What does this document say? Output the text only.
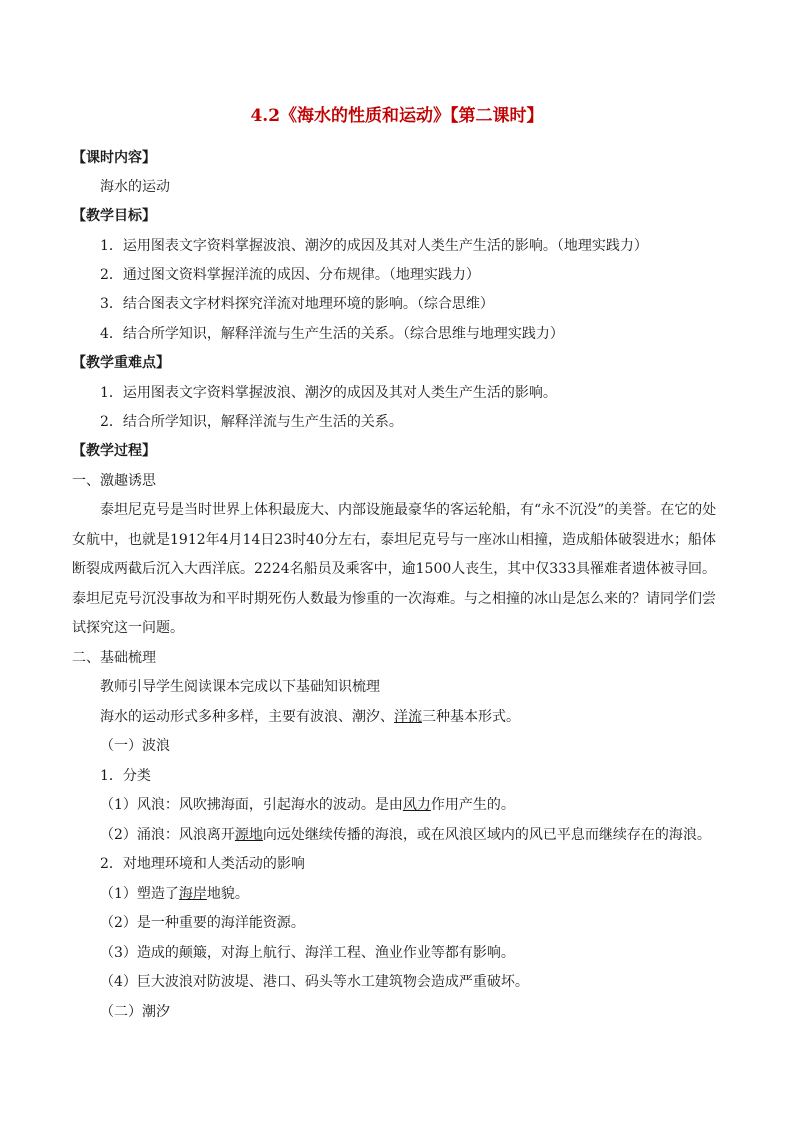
4.2《海水的性质和运动》【第二课时】
【课时内容】
海水的运动
【教学目标】
1．运用图表文字资料掌握波浪、潮汐的成因及其对人类生产生活的影响。（地理实践力）
2．通过图文资料掌握洋流的成因、分布规律。（地理实践力）
3．结合图表文字材料探究洋流对地理环境的影响。（综合思维）
4．结合所学知识，解释洋流与生产生活的关系。（综合思维与地理实践力）
【教学重难点】
1．运用图表文字资料掌握波浪、潮汐的成因及其对人类生产生活的影响。
2．结合所学知识，解释洋流与生产生活的关系。
【教学过程】
一、激趣诱思
泰坦尼克号是当时世界上体积最庞大、内部设施最豪华的客运轮船，有“永不沉没”的美誉。在它的处女航中，也就是1912年4月14日23时40分左右，泰坦尼克号与一座冰山相撞，造成船体破裂进水；船体断裂成两截后沉入大西洋底。2224名船员及乘客中，逾1500人丧生，其中仅333具罹难者遗体被寻回。泰坦尼克号沉没事故为和平时期死伤人数最为惨重的一次海难。与之相撞的冰山是怎么来的？请同学们尝试探究这一问题。
二、基础梳理
教师引导学生阅读课本完成以下基础知识梳理
海水的运动形式多种多样，主要有波浪、潮汐、洋流三种基本形式。
（一）波浪
1．分类
（1）风浪：风吹拂海面，引起海水的波动。是由风力作用产生的。
（2）涌浪：风浪离开源地向远处继续传播的海浪，或在风浪区域内的风已平息而继续存在的海浪。
2．对地理环境和人类活动的影响
（1）塑造了海岸地貌。
（2）是一种重要的海洋能资源。
（3）造成的颠簸，对海上航行、海洋工程、渔业作业等都有影响。
（4）巨大波浪对防波堤、港口、码头等水工建筑物会造成严重破坏。
（二）潮汐
